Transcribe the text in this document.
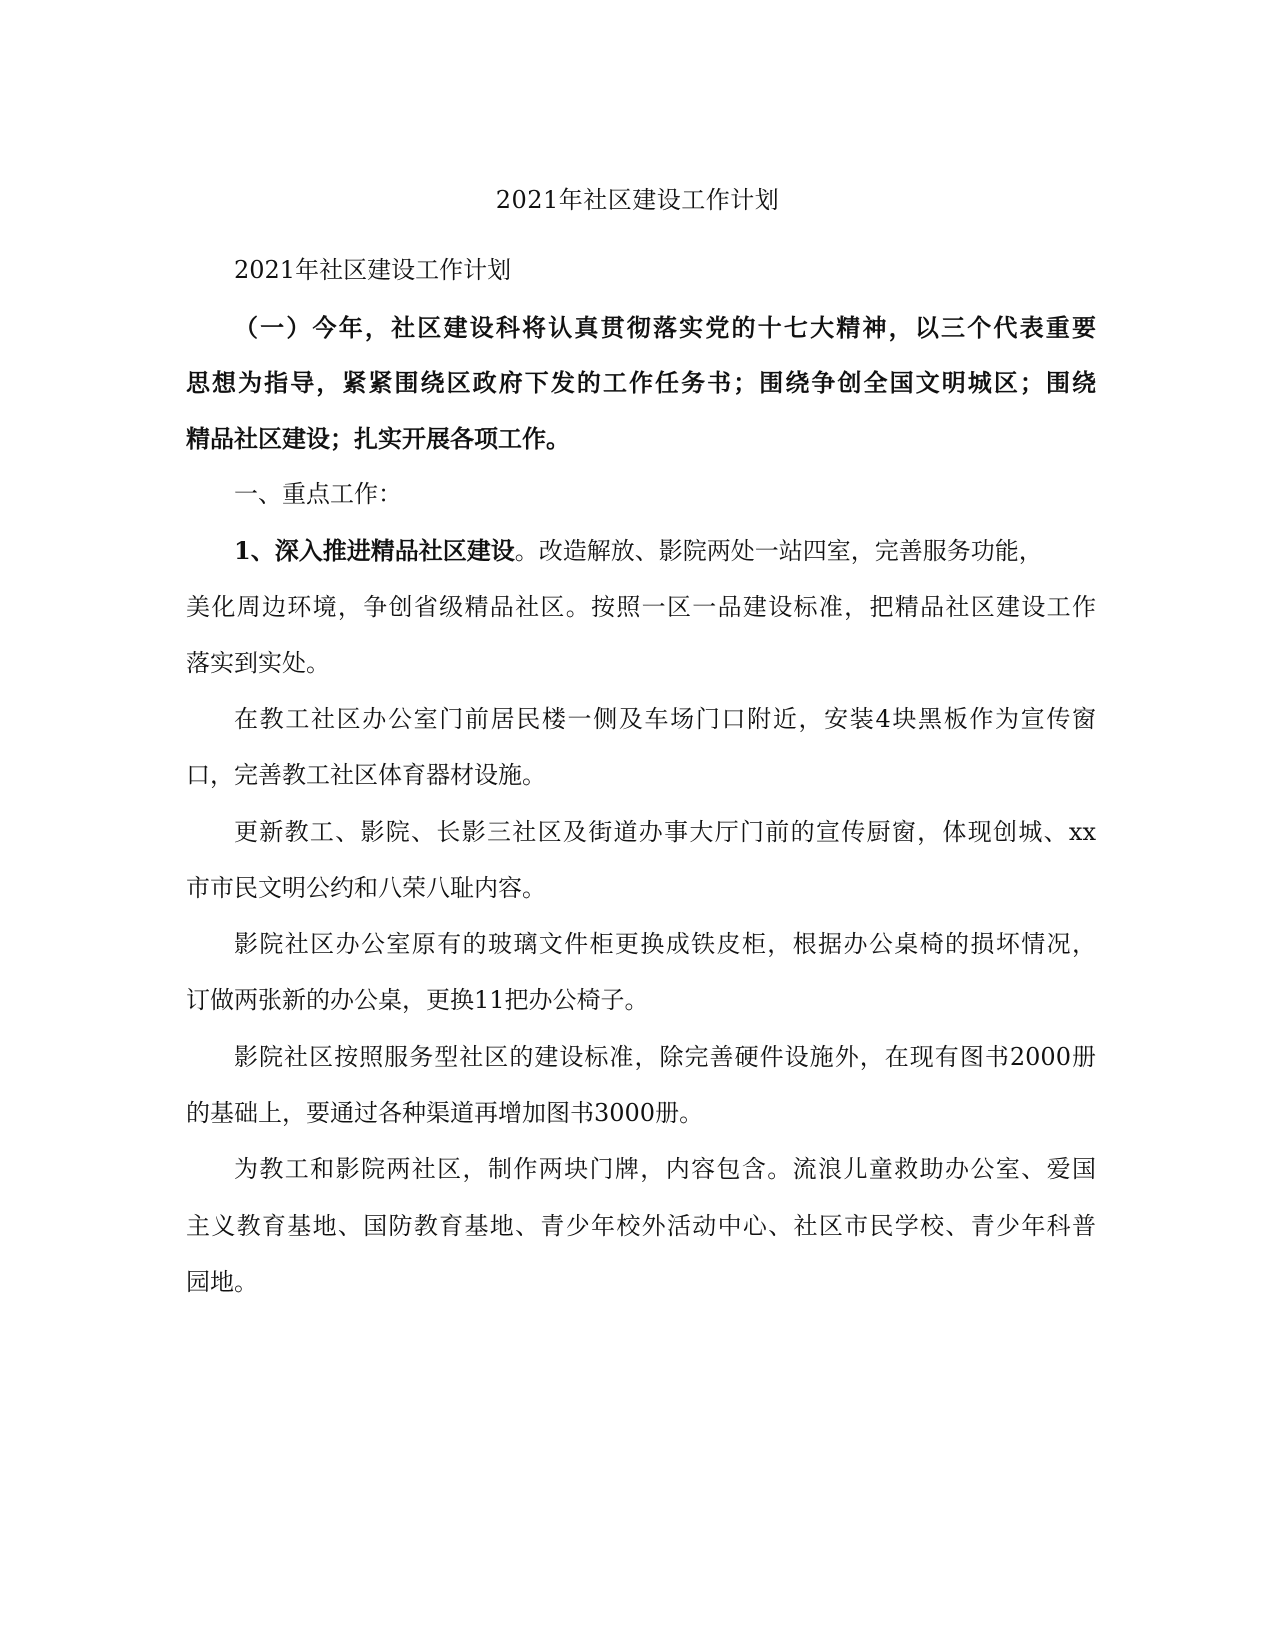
2021年社区建设工作计划
2021年社区建设工作计划
（一）今年，社区建设科将认真贯彻落实党的十七大精神，以三个代表重要
思想为指导，紧紧围绕区政府下发的工作任务书；围绕争创全国文明城区；围绕
精品社区建设；扎实开展各项工作。
一、重点工作：
1、深入推进精品社区建设。改造解放、影院两处一站四室，完善服务功能，
美化周边环境，争创省级精品社区。按照一区一品建设标准，把精品社区建设工作
落实到实处。
在教工社区办公室门前居民楼一侧及车场门口附近，安装4块黑板作为宣传窗
口，完善教工社区体育器材设施。
更新教工、影院、长影三社区及街道办事大厅门前的宣传厨窗，体现创城、xx
市市民文明公约和八荣八耻内容。
影院社区办公室原有的玻璃文件柜更换成铁皮柜，根据办公桌椅的损坏情况，
订做两张新的办公桌，更换11把办公椅子。
影院社区按照服务型社区的建设标准，除完善硬件设施外，在现有图书2000册
的基础上，要通过各种渠道再增加图书3000册。
为教工和影院两社区，制作两块门牌，内容包含。流浪儿童救助办公室、爱国
主义教育基地、国防教育基地、青少年校外活动中心、社区市民学校、青少年科普
园地。
